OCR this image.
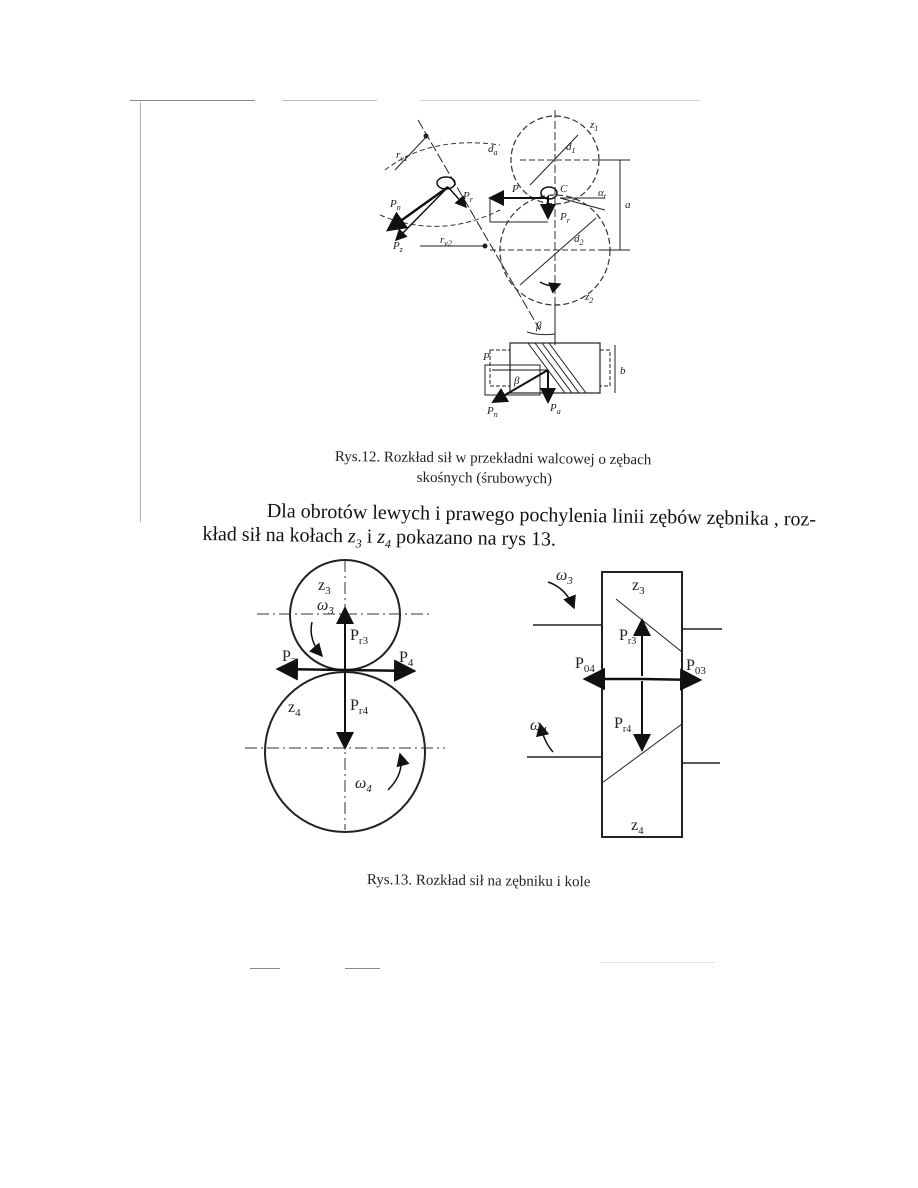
$r_{v1}$
$d_a$
$z_1$
$d_1$
C	$\alpha_t$
a
P
$P_n$
$P_r$
$P_r$
$P_z$
$r_{v2}$	$d_2$
$z_2$
β
b
P
β
$P_n$
$P_a$
Rys.12. Rozkład sił w przekładni walcowej o zębach
skośnych (śrubowych)
Dla obrotów lewych i prawego pochylenia linii zębów zębnika , roz-
kład sił na kołach $z_3$ i $z_4$ pokazano na rys 13.
$z_3$
$\omega_3$
$P_{r3}$
$P_3$	$P_4$
$z_4$	$P_{r4}$
$\omega_4$
$\omega_3$	$z_3$
$P_{r3}$
$P_{04}$	$P_{03}$
$\omega_4$	$P_{r4}$
$z_4$
Rys.13. Rozkład sił na zębniku i kole
